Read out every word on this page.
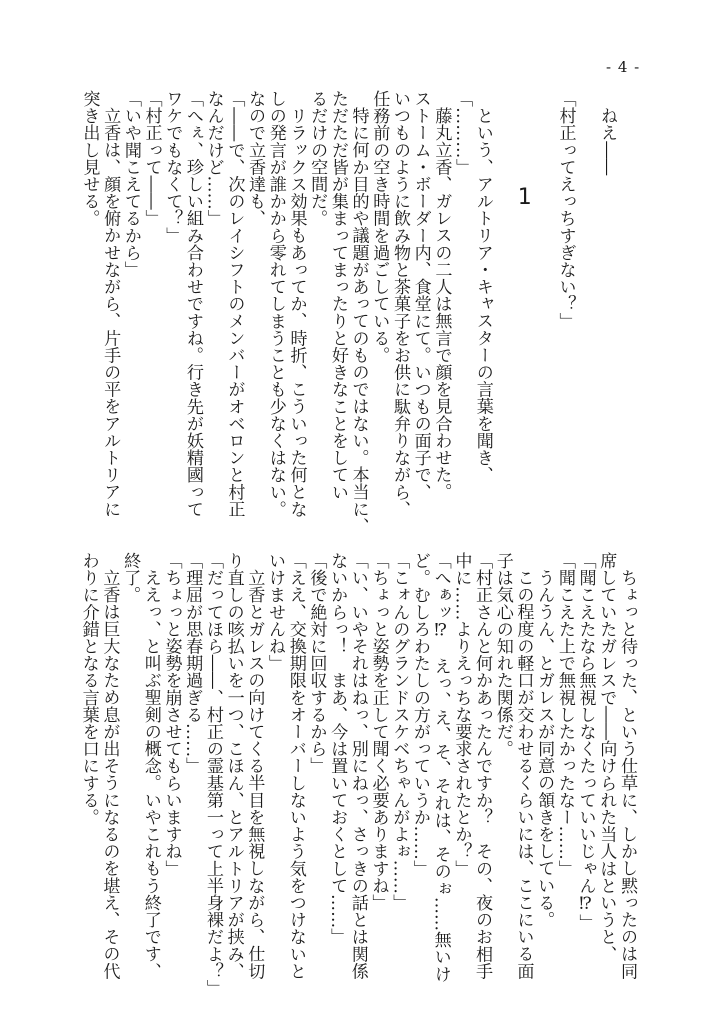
- 4 -

ねえ――

「村正ってえっちすぎない？」

1

という、アルトリア・キャスターの言葉を聞き、

「………」

藤丸立香、ガレスの二人は無言で顔を見合わせた。

ストーム・ボーダー内、食堂にて。いつもの面子で、

いつものように飲み物と茶菓子をお供に駄弁りながら、

任務前の空き時間を過ごしている。

特に何か目的や議題があってのものではない。本当に、

ただただ皆が集まってまったりと好きなことをしてい

るだけの空間だ。

リラックス効果もあってか、時折、こういった何とな

しの発言が誰かから零れてしまうことも少なくはない。

なので立香達も、

「――で、次のレイシフトのメンバーがオベロンと村正

なんだけど……」

「へぇ、珍しい組み合わせですね。行き先が妖精國って

ワケでもなくて？」

「村正って――」

「いや聞こえてるから」

立香は、顔を俯かせながら、片手の平をアルトリアに

突き出し見せる。

ちょっと待った、という仕草に、しかし黙ったのは同

席していたガレスで――向けられた当人はというと、

「聞こえたなら無視しなくたっていいじゃん⁉」

「聞こえた上で無視したかったなー……」

うんうん、とガレスが同意の頷きをしている。

この程度の軽口が交わせるくらいには、ここにいる面

子は気心の知れた関係だ。

「村正さんと何かあったんですか？　その、夜のお相手

中に……よりえっちな要求されたとか？」

「へぁッ⁉　えっ、え、そ、それは、そのぉ……無いけ

ど。むしろわたしの方がっていうか……」

「こォんのグランドスケベちゃんがよぉ……」

「ちょっと姿勢を正して聞く必要ありますね」

「い、いやそれはねっ、別にねっ、さっきの話とは関係

ないからっ！　まあ、今は置いておくとして……」

「後で絶対に回収するから」

「ええ、交換期限をオーバーしないよう気をつけないと

いけませんね」

立香とガレスの向けてくる半目を無視しながら、仕切

り直しの咳払いを一つ、こほん、とアルトリアが挟み、

「だってほら――、村正の霊基第一って上半身裸だよ？」

「理屈が思春期過ぎる……」

「ちょっと姿勢を崩させてもらいますね」

ええっ、と叫ぶ聖剣の概念。いやこれもう終了です、

終了。

立香は巨大なため息が出そうになるのを堪え、その代

わりに介錯となる言葉を口にする。
